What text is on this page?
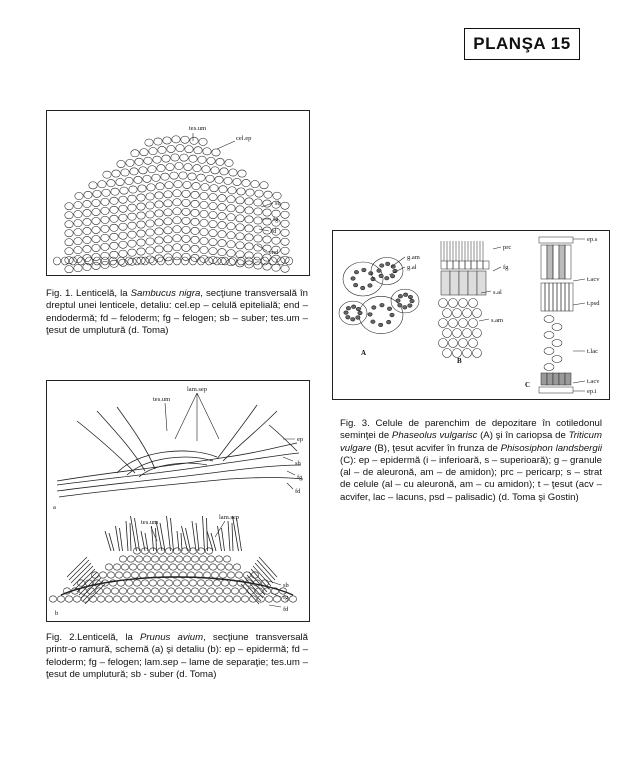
PLANŞA 15
tes.um
cel.ep
sb
fg
fd
end
Fig. 1. Lenticelă, la Sambucus nigra, secţiune transversală în dreptul unei lenticele, detaliu: cel.ep – celulă epitelială; end – endodermă; fd – feloderm; fg – felogen; sb – suber; tes.um – ţesut de umplutură (d. Toma)
lam.sep
tes.um
ep
sb
fg
fd
a
tes.um
lam.sep
sb
fg
fd
b
Fig. 2.Lenticelă, la Prunus avium, secţiune transversală printr-o ramură, schemă (a) şi detaliu (b): ep – epidermă; fd – feloderm; fg – felogen; lam.sep – lame de separaţie; tes.um – ţesut de umplutură; sb - suber (d. Toma)
g.am
g.al
prc
fg
s.al
s.am
ep.s
t.acv
t.psd
t.lac
t.acv
ep.i
A
B
C
Fig. 3. Celule de parenchim de depozitare în cotiledonul seminţei de Phaseolus vulgarisc (A) şi în cariopsa de Triticum vulgare (B), ţesut acvifer în frunza de Phisosiphon landsbergii (C): ep – epidermă (i – inferioară, s – superioară); g – granule (al – de aleuronă, am – de amidon); prc – pericarp; s – strat de celule (al – cu aleuronă, am – cu amidon); t – ţesut (acv – acvifer, lac – lacuns, psd – palisadic) (d. Toma şi Gostin)
